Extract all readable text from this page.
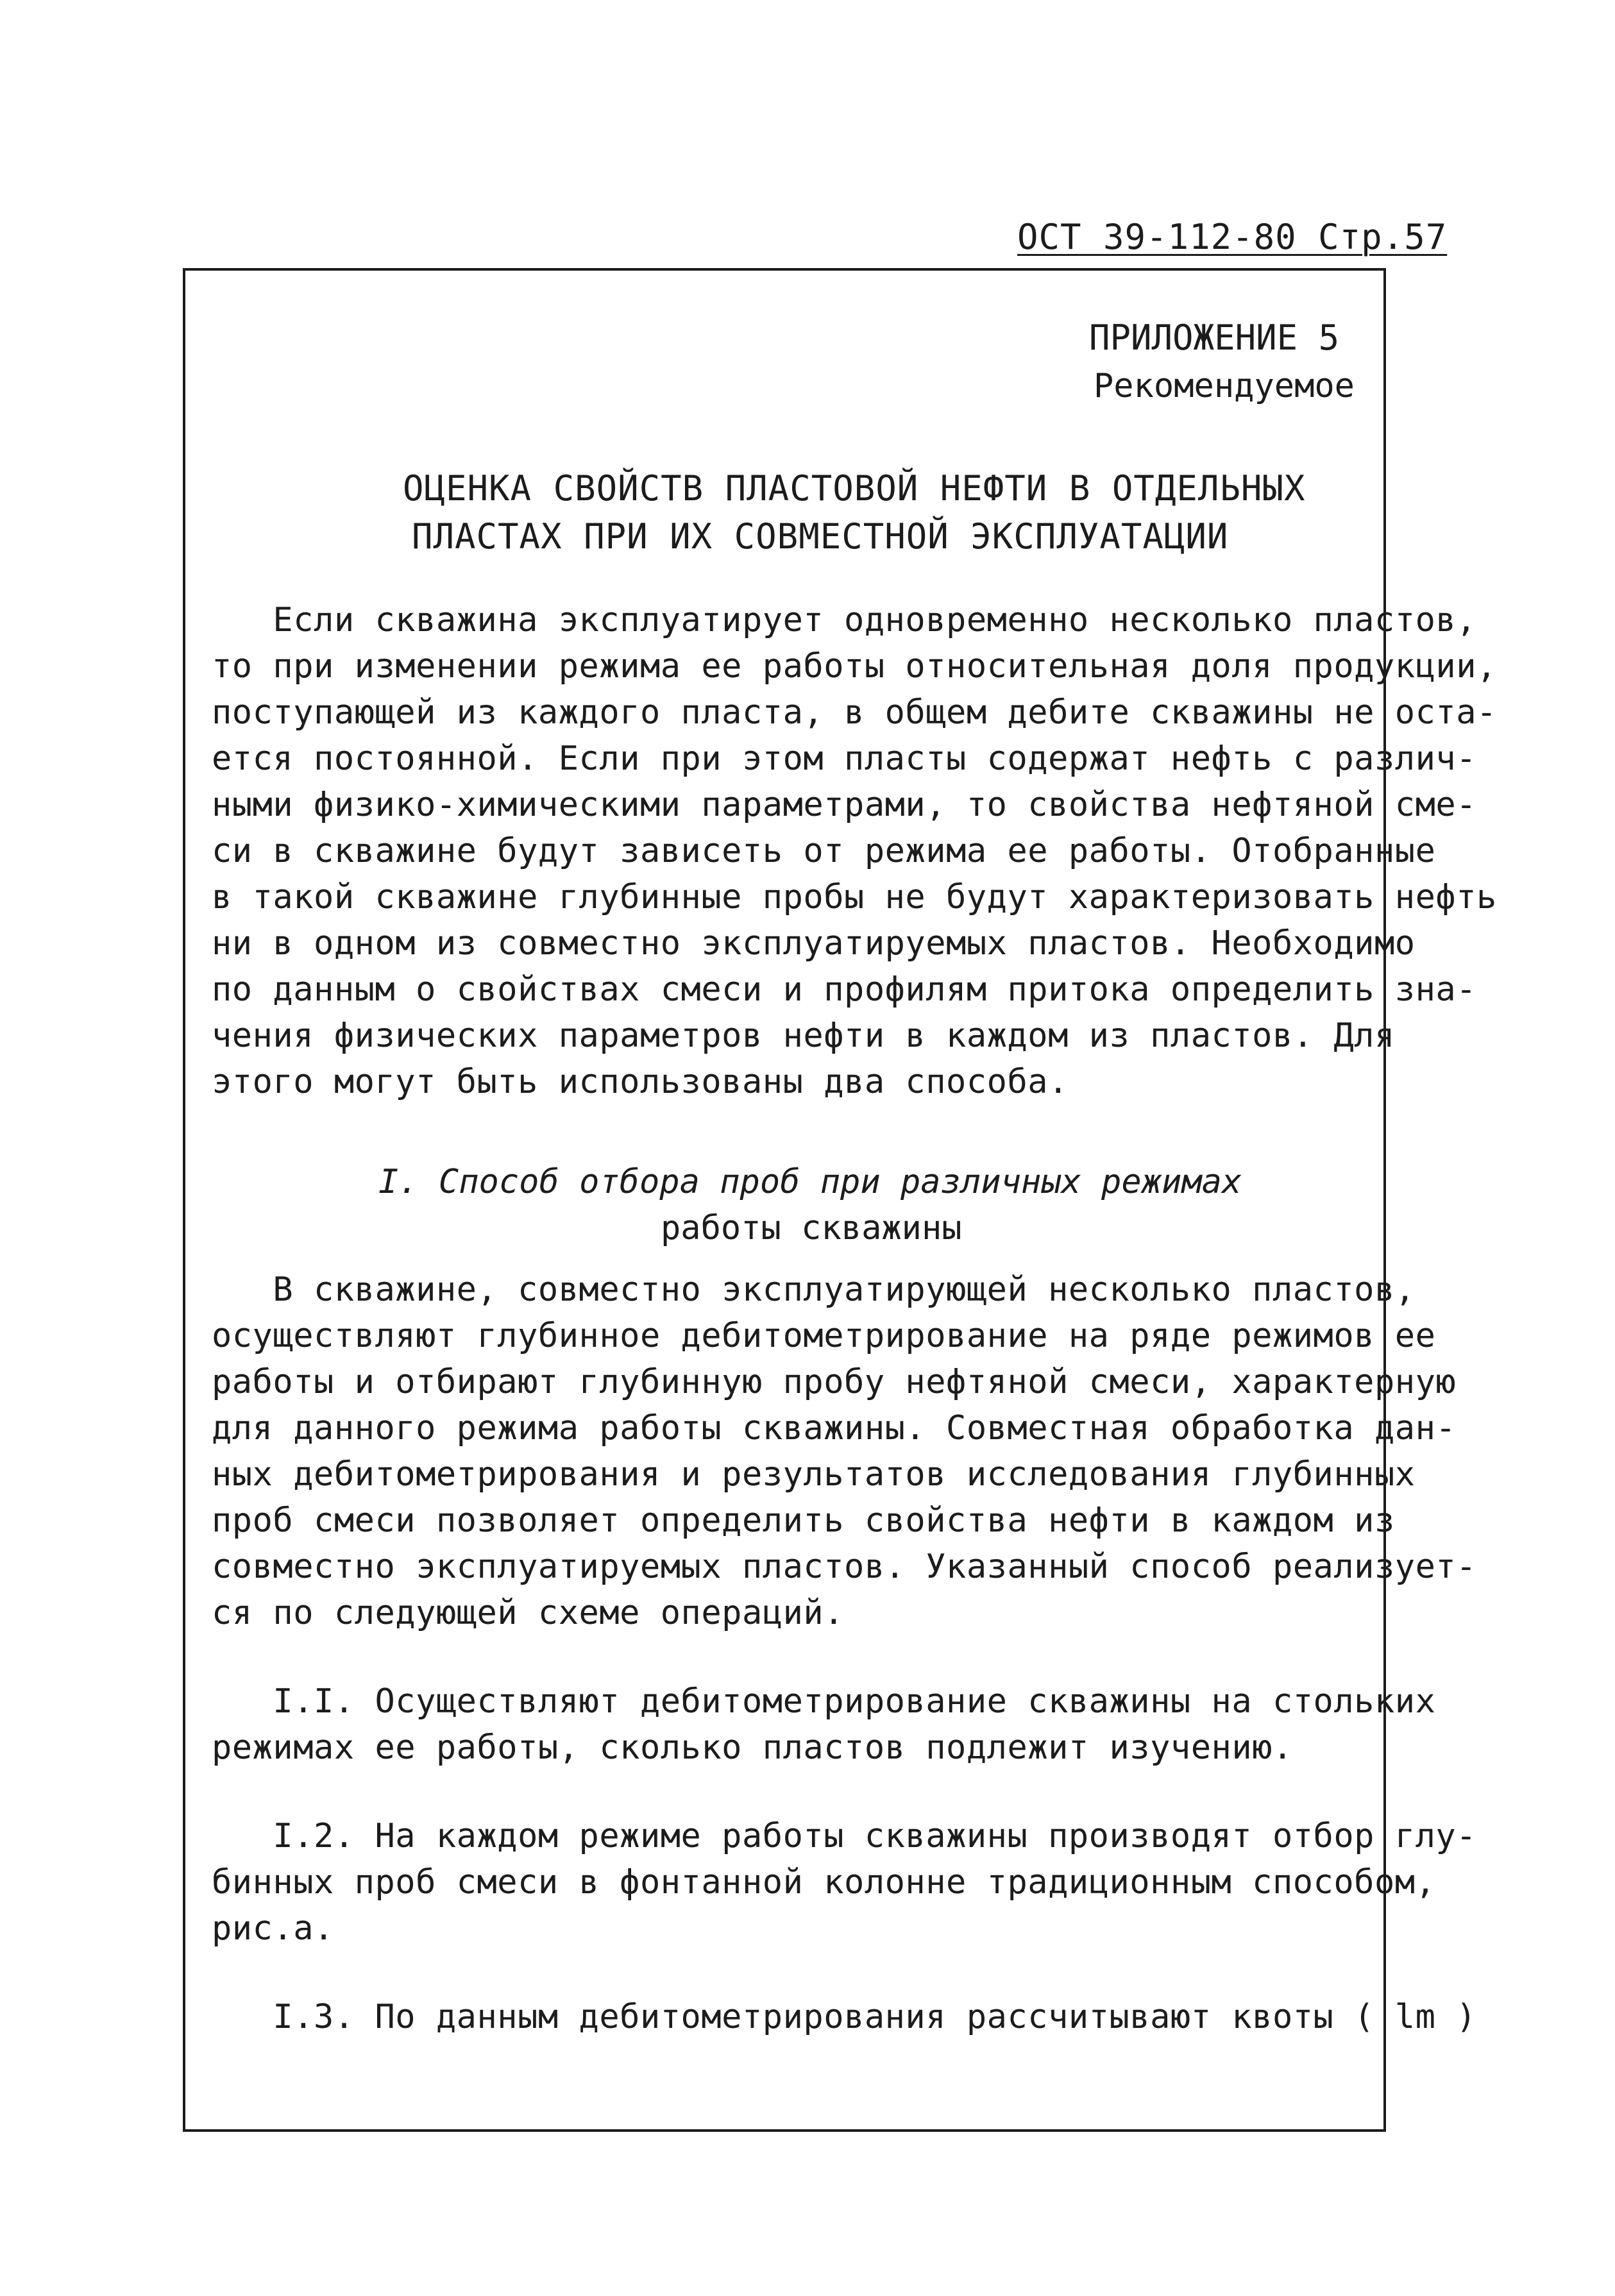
ОСТ 39-112-80 Стр.57
ПРИЛОЖЕНИЕ 5
Рекомендуемое
ОЦЕНКА СВОЙСТВ ПЛАСТОВОЙ НЕФТИ В ОТДЕЛЬНЫХ
ПЛАСТАХ ПРИ ИХ СОВМЕСТНОЙ ЭКСПЛУАТАЦИИ
Если скважина эксплуатирует одновременно несколько пластов,
то при изменении режима ее работы относительная доля продукции,
поступающей из каждого пласта, в общем дебите скважины не оста-
ется постоянной. Если при этом пласты содержат нефть с различ-
ными физико-химическими параметрами, то свойства нефтяной сме-
си в скважине будут зависеть от режима ее работы. Отобранные
в такой скважине глубинные пробы не будут характеризовать нефть
ни в одном из совместно эксплуатируемых пластов. Необходимо
по данным о свойствах смеси и профилям притока определить зна-
чения физических параметров нефти в каждом из пластов. Для
этого могут быть использованы два способа.
I. Способ отбора проб при различных режимах
работы скважины
В скважине, совместно эксплуатирующей несколько пластов,
осуществляют глубинное дебитометрирование на ряде режимов ее
работы и отбирают глубинную пробу нефтяной смеси, характерную
для данного режима работы скважины. Совместная обработка дан-
ных дебитометрирования и результатов исследования глубинных
проб смеси позволяет определить свойства нефти в каждом из
совместно эксплуатируемых пластов. Указанный способ реализует-
ся по следующей схеме операций.
I.I. Осуществляют дебитометрирование скважины на стольких
режимах ее работы, сколько пластов подлежит изучению.
I.2. На каждом режиме работы скважины производят отбор глу-
бинных проб смеси в фонтанной колонне традиционным способом,
рис.а.
I.3. По данным дебитометрирования рассчитывают квоты ( lm )
